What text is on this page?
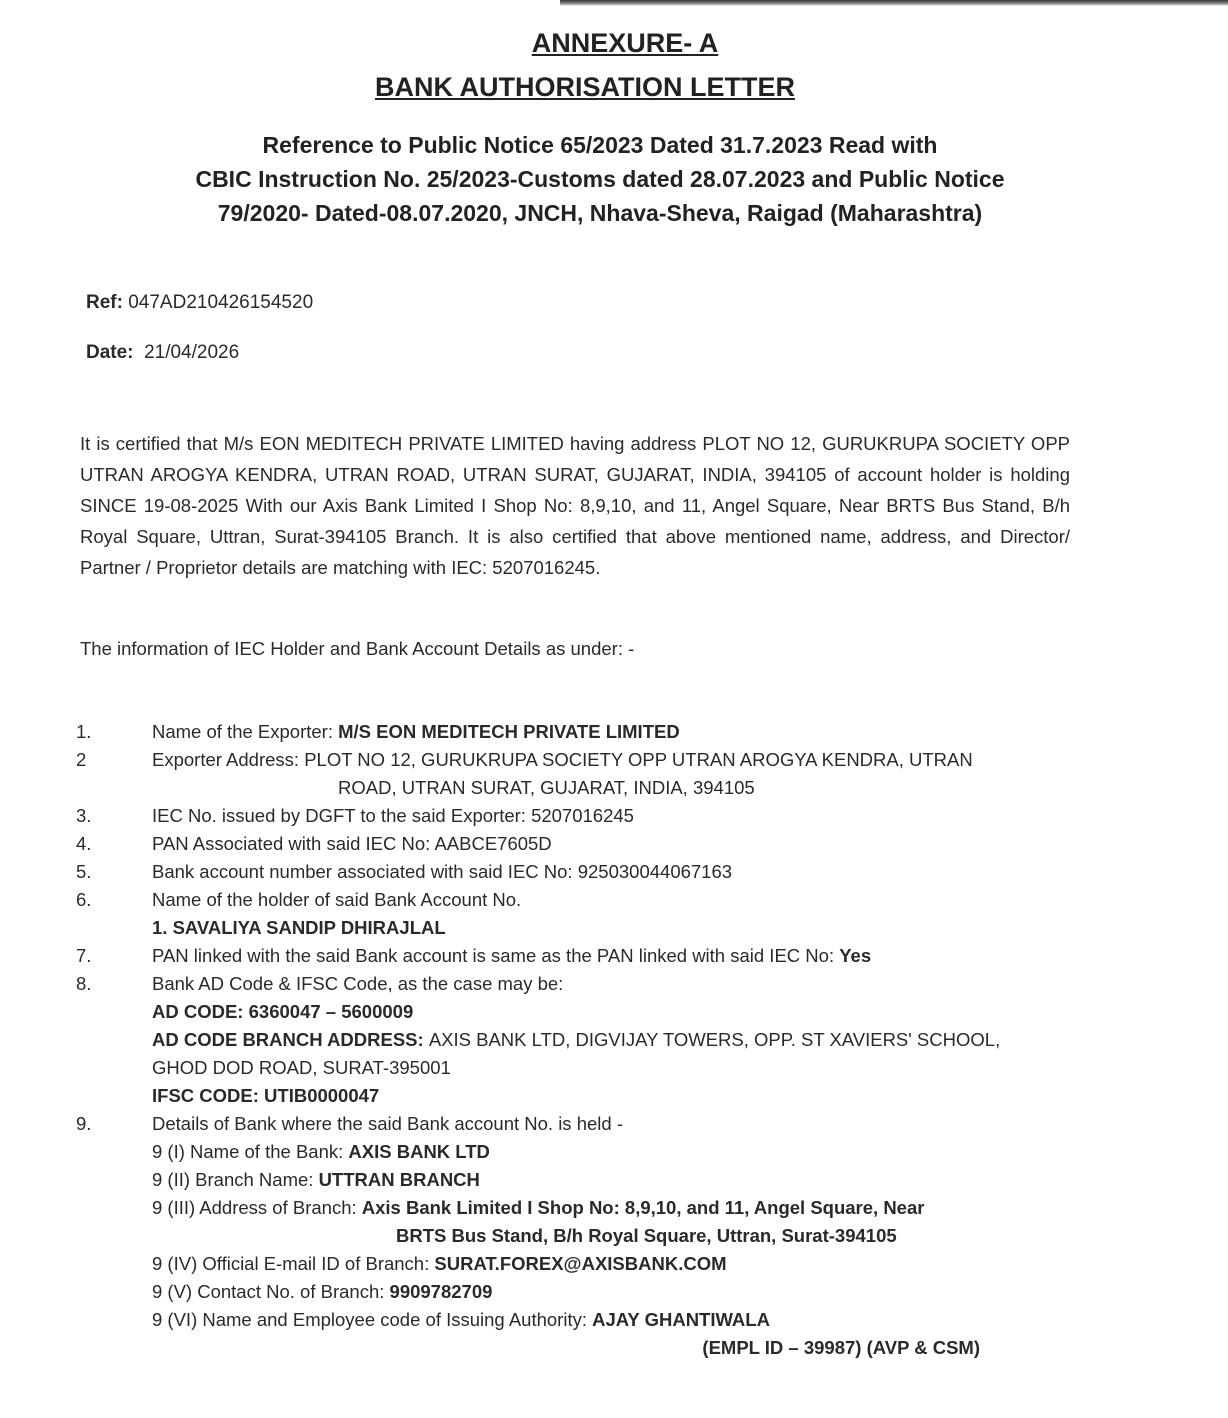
ANNEXURE- A
BANK AUTHORISATION LETTER
Reference to Public Notice 65/2023 Dated 31.7.2023 Read with
CBIC Instruction No. 25/2023-Customs dated 28.07.2023 and Public Notice
79/2020- Dated-08.07.2020, JNCH, Nhava-Sheva, Raigad (Maharashtra)
Ref: 047AD210426154520
Date: 21/04/2026
It is certified that M/s EON MEDITECH PRIVATE LIMITED having address PLOT NO 12, GURUKRUPA SOCIETY OPP UTRAN AROGYA KENDRA, UTRAN ROAD, UTRAN SURAT, GUJARAT, INDIA, 394105 of account holder is holding SINCE 19-08-2025 With our Axis Bank Limited I Shop No: 8,9,10, and 11, Angel Square, Near BRTS Bus Stand, B/h Royal Square, Uttran, Surat-394105 Branch. It is also certified that above mentioned name, address, and Director/ Partner / Proprietor details are matching with IEC: 5207016245.
The information of IEC Holder and Bank Account Details as under: -
1.	Name of the Exporter: M/S EON MEDITECH PRIVATE LIMITED
2	Exporter Address: PLOT NO 12, GURUKRUPA SOCIETY OPP UTRAN AROGYA KENDRA, UTRAN
ROAD, UTRAN SURAT, GUJARAT, INDIA, 394105
3.	IEC No. issued by DGFT to the said Exporter: 5207016245
4.	PAN Associated with said IEC No: AABCE7605D
5.	Bank account number associated with said IEC No: 925030044067163
6.	Name of the holder of said Bank Account No.
1. SAVALIYA SANDIP DHIRAJLAL
7.	PAN linked with the said Bank account is same as the PAN linked with said IEC No: Yes
8.	Bank AD Code & IFSC Code, as the case may be:
AD CODE: 6360047 – 5600009
AD CODE BRANCH ADDRESS: AXIS BANK LTD, DIGVIJAY TOWERS, OPP. ST XAVIERS' SCHOOL,
GHOD DOD ROAD, SURAT-395001
IFSC CODE: UTIB0000047
9.	Details of Bank where the said Bank account No. is held -
9 (I) Name of the Bank: AXIS BANK LTD
9 (II) Branch Name: UTTRAN BRANCH
9 (III) Address of Branch: Axis Bank Limited I Shop No: 8,9,10, and 11, Angel Square, Near
BRTS Bus Stand, B/h Royal Square, Uttran, Surat-394105
9 (IV) Official E-mail ID of Branch: SURAT.FOREX@AXISBANK.COM
9 (V) Contact No. of Branch: 9909782709
9 (VI) Name and Employee code of Issuing Authority: AJAY GHANTIWALA
(EMPL ID – 39987) (AVP & CSM)
